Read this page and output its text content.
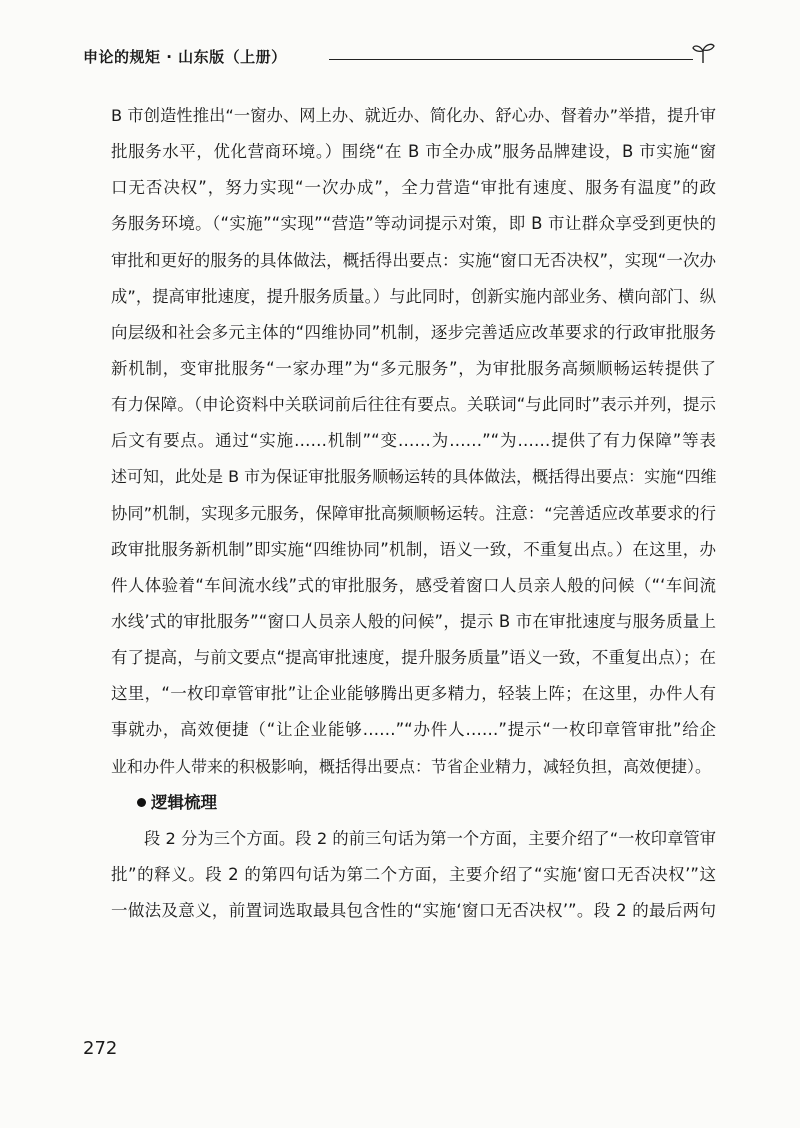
申论的规矩 · 山东版（上册）
B 市创造性推出“一窗办、网上办、就近办、简化办、舒心办、督着办”举措，提升审
批服务水平，优化营商环境。）围绕“在 B 市全办成”服务品牌建设，B 市实施“窗
口无否决权”，努力实现“一次办成”，全力营造“审批有速度、服务有温度”的政
务服务环境。（“实施”“实现”“营造”等动词提示对策，即 B 市让群众享受到更快的
审批和更好的服务的具体做法，概括得出要点：实施“窗口无否决权”，实现“一次办
成”，提高审批速度，提升服务质量。）与此同时，创新实施内部业务、横向部门、纵
向层级和社会多元主体的“四维协同”机制，逐步完善适应改革要求的行政审批服务
新机制，变审批服务“一家办理”为“多元服务”，为审批服务高频顺畅运转提供了
有力保障。（申论资料中关联词前后往往有要点。关联词“与此同时”表示并列，提示
后文有要点。通过“实施……机制”“变……为……”“为……提供了有力保障”等表
述可知，此处是 B 市为保证审批服务顺畅运转的具体做法，概括得出要点：实施“四维
协同”机制，实现多元服务，保障审批高频顺畅运转。注意：“完善适应改革要求的行
政审批服务新机制”即实施“四维协同”机制，语义一致，不重复出点。）在这里，办
件人体验着“车间流水线”式的审批服务，感受着窗口人员亲人般的问候（“‘车间流
水线’式的审批服务”“窗口人员亲人般的问候”，提示 B 市在审批速度与服务质量上
有了提高，与前文要点“提高审批速度，提升服务质量”语义一致，不重复出点）；在
这里，“一枚印章管审批”让企业能够腾出更多精力，轻装上阵；在这里，办件人有
事就办，高效便捷（“让企业能够……”“办件人……”提示“一枚印章管审批”给企
业和办件人带来的积极影响，概括得出要点：节省企业精力，减轻负担，高效便捷）。
逻辑梳理
段 2 分为三个方面。段 2 的前三句话为第一个方面，主要介绍了“一枚印章管审
批”的释义。段 2 的第四句话为第二个方面，主要介绍了“实施‘窗口无否决权’”这
一做法及意义，前置词选取最具包含性的“实施‘窗口无否决权’”。段 2 的最后两句
272
